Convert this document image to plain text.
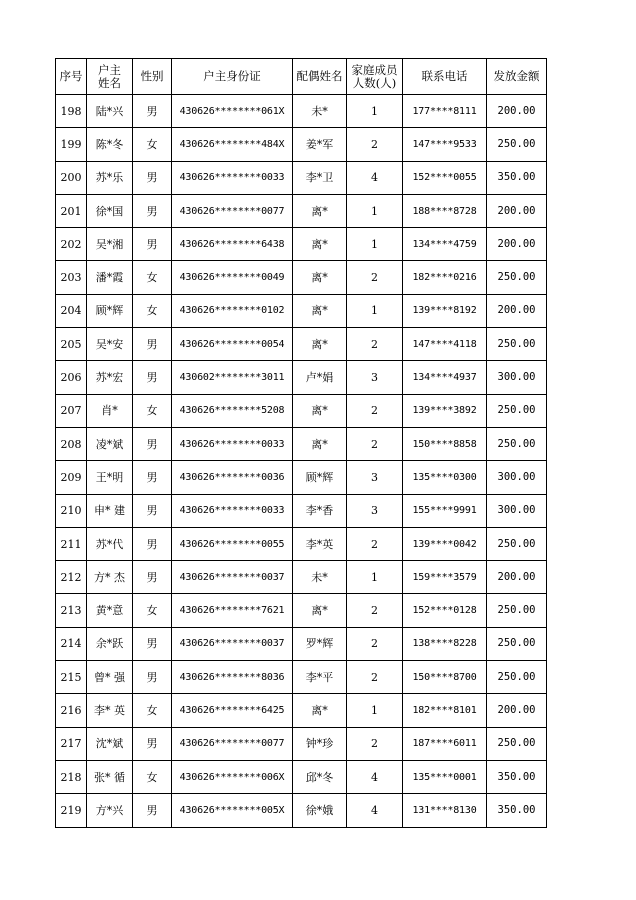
序号	户主姓名	性别	户主身份证	配偶姓名	家庭成员人数(人)	联系电话	发放金额
198	陆*兴	男	430626********061X	未*	1	177****8111	200.00
199	陈*冬	女	430626********484X	姜*军	2	147****9533	250.00
200	苏*乐	男	430626********0033	李*卫	4	152****0055	350.00
201	徐*国	男	430626********0077	离*	1	188****8728	200.00
202	吴*湘	男	430626********6438	离*	1	134****4759	200.00
203	潘*霞	女	430626********0049	离*	2	182****0216	250.00
204	顾*辉	女	430626********0102	离*	1	139****8192	200.00
205	吴*安	男	430626********0054	离*	2	147****4118	250.00
206	苏*宏	男	430602********3011	卢*娟	3	134****4937	300.00
207	肖*	女	430626********5208	离*	2	139****3892	250.00
208	凌*斌	男	430626********0033	离*	2	150****8858	250.00
209	王*明	男	430626********0036	顾*辉	3	135****0300	300.00
210	申* 建	男	430626********0033	李*香	3	155****9991	300.00
211	苏*代	男	430626********0055	李*英	2	139****0042	250.00
212	方* 杰	男	430626********0037	未*	1	159****3579	200.00
213	黄*意	女	430626********7621	离*	2	152****0128	250.00
214	余*跃	男	430626********0037	罗*辉	2	138****8228	250.00
215	曾* 强	男	430626********8036	李*平	2	150****8700	250.00
216	李* 英	女	430626********6425	离*	1	182****8101	200.00
217	沈*斌	男	430626********0077	钟*珍	2	187****6011	250.00
218	张* 循	女	430626********006X	邱*冬	4	135****0001	350.00
219	方*兴	男	430626********005X	徐*娥	4	131****8130	350.00
